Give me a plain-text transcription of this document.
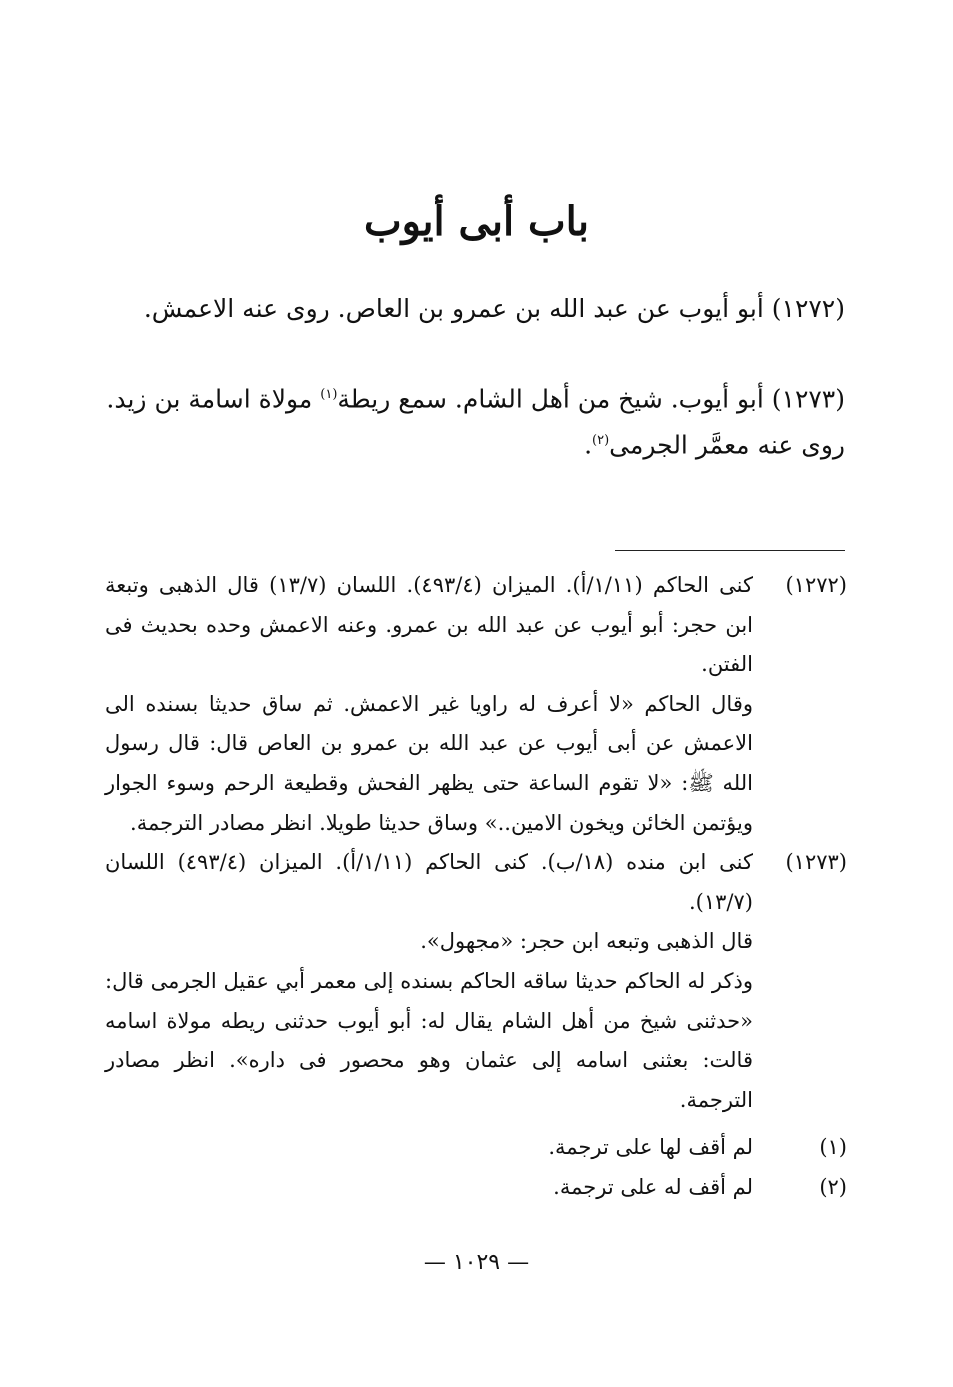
باب أبى أيوب
(١٢٧٢) أبو أيوب عن عبد الله بن عمرو بن العاص. روى عنه الاعمش.
(١٢٧٣) أبو أيوب. شيخ من أهل الشام. سمع ريطة$^{(١)}$ مولاة اسامة بن زيد.
روى عنه معمَّر الجرمى$^{(٢)}$.
(١٢٧٢)

كنى الحاكم (١/١١/أ). الميزان (٤٩٣/٤). اللسان (١٣/٧) قال الذهبى وتبعة ابن حجر: أبو أيوب عن عبد الله بن عمرو. وعنه الاعمش وحده بحديث فى الفتن.

وقال الحاكم «لا أعرف له راويا غير الاعمش. ثم ساق حديثا بسنده الى الاعمش عن أبى أيوب عن عبد الله بن عمرو بن العاص قال: قال رسول الله ﷺ: «لا تقوم الساعة حتى يظهر الفحش وقطيعة الرحم وسوء الجوار ويؤتمن الخائن ويخون الامين..» وساق حديثا طويلا. انظر مصادر الترجمة.

(١٢٧٣)

كنى ابن منده (١٨/ب). كنى الحاكم (١/١١/أ). الميزان (٤٩٣/٤) اللسان (١٣/٧).

قال الذهبى وتبعه ابن حجر: «مجهول».

وذكر له الحاكم حديثا ساقه الحاكم بسنده إلى معمر أبي عقيل الجرمى قال: «حدثنى شيخ من أهل الشام يقال له: أبو أيوب حدثنى ريطه مولاة اسامه قالت: بعثنى اسامه إلى عثمان وهو محصور فى داره». انظر مصادر الترجمة.

(١)

لم أقف لها على ترجمة.

(٢)

لم أقف له على ترجمة.

— ١٠٢٩ —
